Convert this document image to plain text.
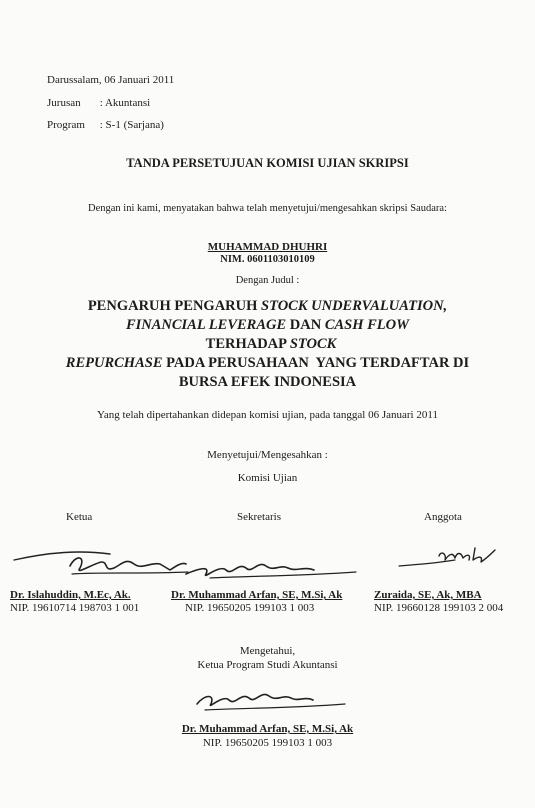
Darussalam, 06 Januari 2011
Jurusan : Akuntansi
Program : S-1 (Sarjana)
TANDA PERSETUJUAN KOMISI UJIAN SKRIPSI
Dengan ini kami, menyatakan bahwa telah menyetujui/mengesahkan skripsi Saudara:
MUHAMMAD DHUHRI
NIM. 0601103010109
Dengan Judul :
PENGARUH PENGARUH STOCK UNDERVALUATION,
FINANCIAL LEVERAGE DAN CASH FLOW  TERHADAP STOCK
REPURCHASE PADA PERUSAHAAN  YANG TERDAFTAR DI
BURSA EFEK INDONESIA
Yang telah dipertahankan didepan komisi ujian, pada tanggal 06 Januari 2011
Menyetujui/Mengesahkan :
Komisi Ujian
Ketua	Sekretaris	Anggota
Dr. Islahuddin, M.Ec, Ak.
NIP. 19610714 198703 1 001
Dr. Muhammad Arfan, SE, M.Si, Ak
NIP. 19650205 199103 1 003
Zuraida, SE, Ak, MBA
NIP. 19660128 199103 2 004
Mengetahui,
Ketua Program Studi Akuntansi
Dr. Muhammad Arfan, SE, M.Si, Ak
NIP. 19650205 199103 1 003
